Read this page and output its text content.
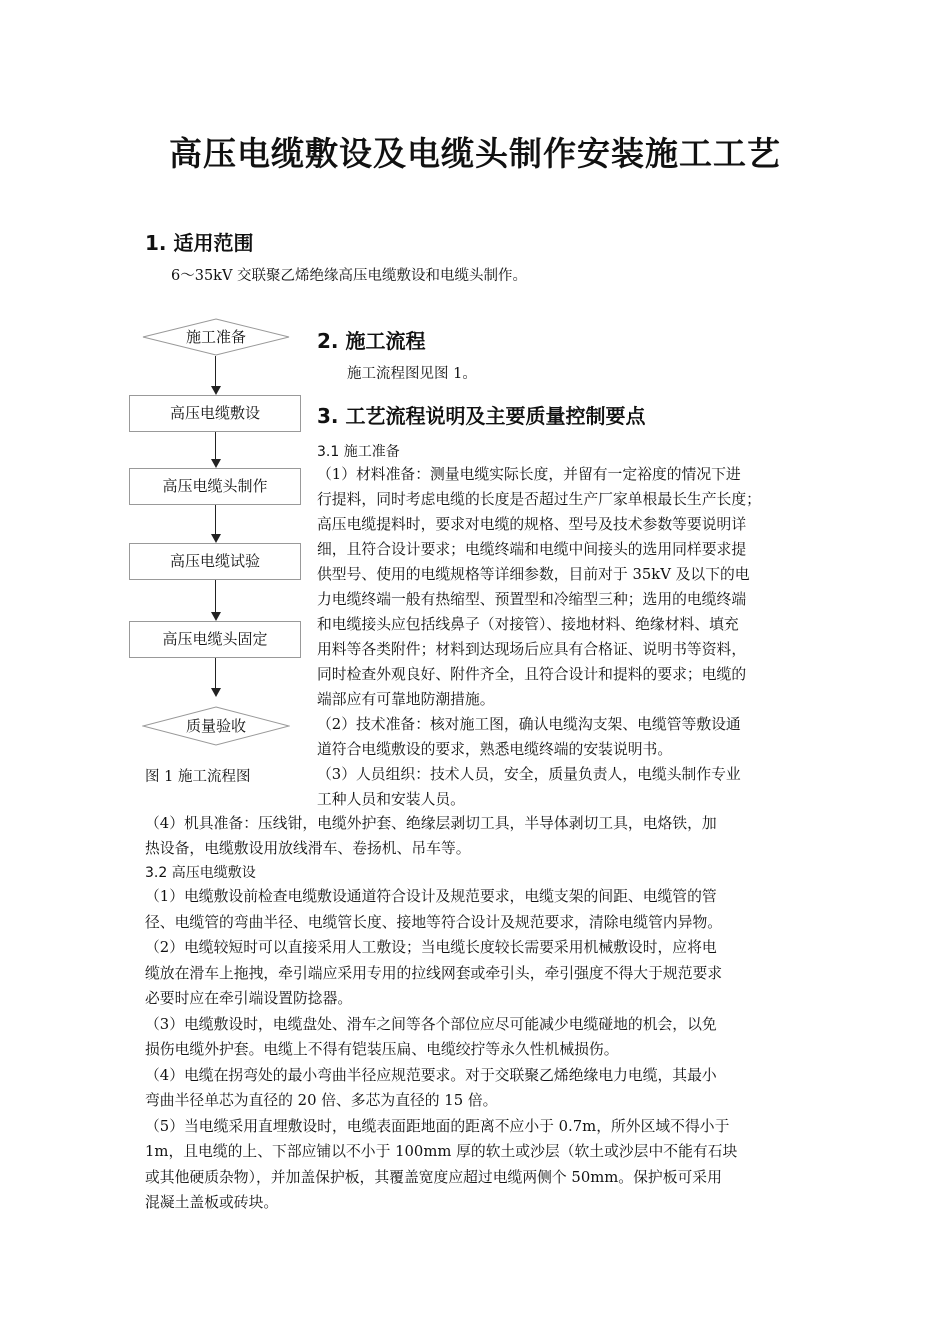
高压电缆敷设及电缆头制作安装施工工艺
1. 适用范围
6～35kV 交联聚乙烯绝缘高压电缆敷设和电缆头制作。
施工准备
高压电缆敷设
高压电缆头制作
高压电缆试验
高压电缆头固定
质量验收
图 1 施工流程图
2. 施工流程
施工流程图见图 1。
3. 工艺流程说明及主要质量控制要点
3.1 施工准备
（1）材料准备：测量电缆实际长度，并留有一定裕度的情况下进
行提料，同时考虑电缆的长度是否超过生产厂家单根最长生产长度；
高压电缆提料时，要求对电缆的规格、型号及技术参数等要说明详
细，且符合设计要求；电缆终端和电缆中间接头的选用同样要求提
供型号、使用的电缆规格等详细参数，目前对于 35kV 及以下的电
力电缆终端一般有热缩型、预置型和冷缩型三种；选用的电缆终端
和电缆接头应包括线鼻子（对接管）、接地材料、绝缘材料、填充
用料等各类附件；材料到达现场后应具有合格证、说明书等资料，
同时检查外观良好、附件齐全，且符合设计和提料的要求；电缆的
端部应有可靠地防潮措施。
（2）技术准备：核对施工图，确认电缆沟支架、电缆管等敷设通
道符合电缆敷设的要求，熟悉电缆终端的安装说明书。
（3）人员组织：技术人员，安全，质量负责人，电缆头制作专业
工种人员和安装人员。
（4）机具准备：压线钳，电缆外护套、绝缘层剥切工具，半导体剥切工具，电烙铁，加
热设备，电缆敷设用放线滑车、卷扬机、吊车等。
3.2 高压电缆敷设
（1）电缆敷设前检查电缆敷设通道符合设计及规范要求，电缆支架的间距、电缆管的管
径、电缆管的弯曲半径、电缆管长度、接地等符合设计及规范要求，清除电缆管内异物。
（2）电缆较短时可以直接采用人工敷设；当电缆长度较长需要采用机械敷设时，应将电
缆放在滑车上拖拽，牵引端应采用专用的拉线网套或牵引头，牵引强度不得大于规范要求
必要时应在牵引端设置防捻器。
（3）电缆敷设时，电缆盘处、滑车之间等各个部位应尽可能减少电缆碰地的机会，以免
损伤电缆外护套。电缆上不得有铠装压扁、电缆绞拧等永久性机械损伤。
（4）电缆在拐弯处的最小弯曲半径应规范要求。对于交联聚乙烯绝缘电力电缆，其最小
弯曲半径单芯为直径的 20 倍、多芯为直径的 15 倍。
（5）当电缆采用直埋敷设时，电缆表面距地面的距离不应小于 0.7m，所外区域不得小于
1m，且电缆的上、下部应铺以不小于 100mm 厚的软土或沙层（软土或沙层中不能有石块
或其他硬质杂物），并加盖保护板，其覆盖宽度应超过电缆两侧个 50mm。保护板可采用
混凝土盖板或砖块。
